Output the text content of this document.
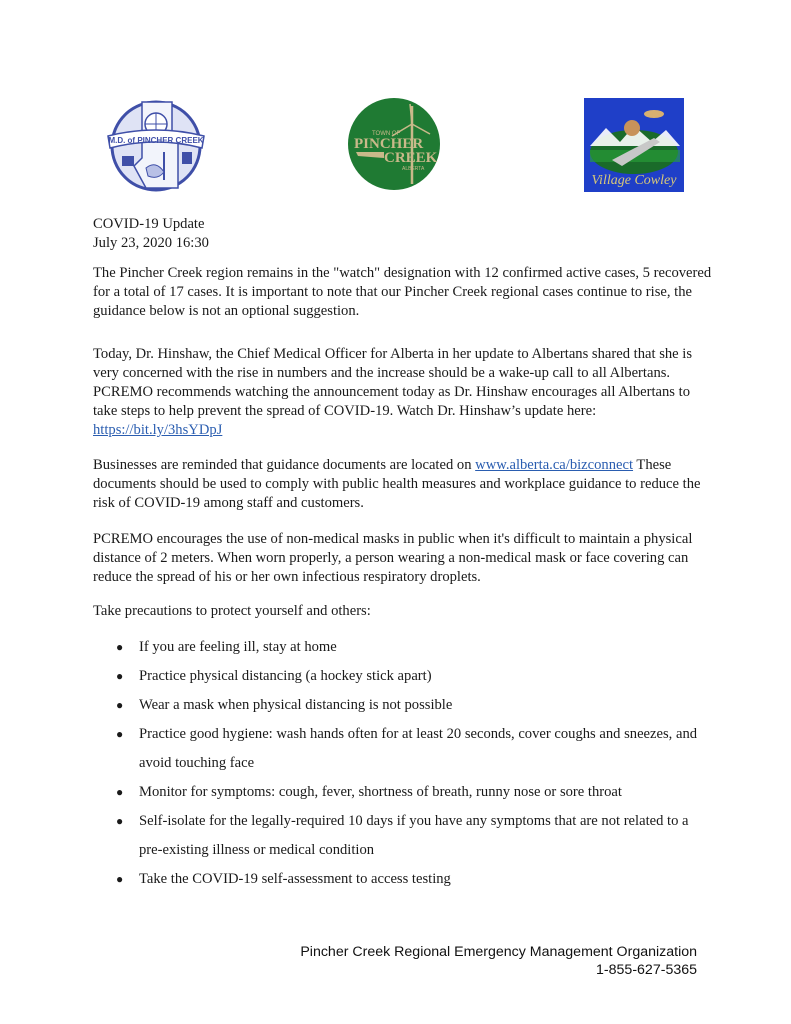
M.D. of PINCHER CREEK
TOWN OF
PINCHER
CREEK
ALBERTA
Village Cowley
COVID-19 Update
July 23, 2020 16:30
The Pincher Creek region remains in the "watch" designation with 12 confirmed active cases, 5 recovered for a total of 17 cases. It is important to note that our Pincher Creek regional cases continue to rise, the guidance below is not an optional suggestion.
Today, Dr. Hinshaw, the Chief Medical Officer for Alberta in her update to Albertans shared that she is very concerned with the rise in numbers and the increase should be a wake-up call to all Albertans. PCREMO recommends watching the announcement today as Dr. Hinshaw encourages all Albertans to take steps to help prevent the spread of COVID-19. Watch Dr. Hinshaw’s update here: https://bit.ly/3hsYDpJ
Businesses are reminded that guidance documents are located on www.alberta.ca/bizconnect These documents should be used to comply with public health measures and workplace guidance to reduce the risk of COVID-19 among staff and customers.
PCREMO encourages the use of non-medical masks in public when it's difficult to maintain a physical distance of 2 meters. When worn properly, a person wearing a non-medical mask or face covering can reduce the spread of his or her own infectious respiratory droplets.
Take precautions to protect yourself and others:
● If you are feeling ill, stay at home
● Practice physical distancing (a hockey stick apart)
● Wear a mask when physical distancing is not possible
● Practice good hygiene: wash hands often for at least 20 seconds, cover coughs and sneezes, and avoid touching face
● Monitor for symptoms: cough, fever, shortness of breath, runny nose or sore throat
● Self-isolate for the legally-required 10 days if you have any symptoms that are not related to a pre-existing illness or medical condition
● Take the COVID-19 self-assessment to access testing
Pincher Creek Regional Emergency Management Organization
1-855-627-5365
